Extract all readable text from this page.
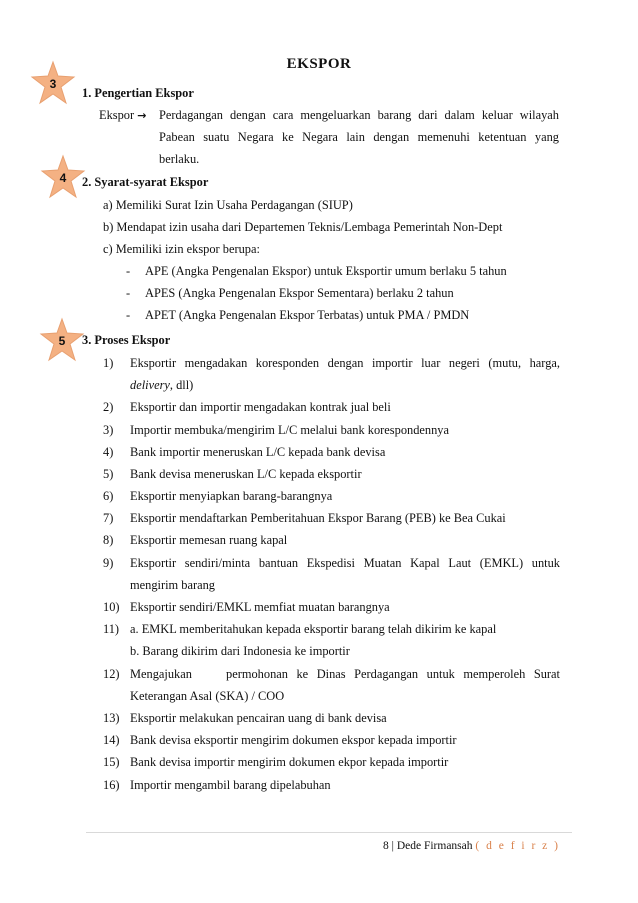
EKSPOR
3
4
5
1. Pengertian Ekspor
Ekspor → Perdagangan dengan cara mengeluarkan barang dari dalam keluar wilayah
Pabean suatu Negara ke Negara lain dengan memenuhi ketentuan yang
berlaku.
2. Syarat-syarat Ekspor
a) Memiliki Surat Izin Usaha Perdagangan (SIUP)
b) Mendapat izin usaha dari Departemen Teknis/Lembaga Pemerintah Non-Dept
c) Memiliki izin ekspor berupa:
- APE (Angka Pengenalan Ekspor) untuk Eksportir umum berlaku 5 tahun
- APES (Angka Pengenalan Ekspor Sementara) berlaku 2 tahun
- APET (Angka Pengenalan Ekspor Terbatas) untuk PMA / PMDN
3. Proses Ekspor
1)
2)
3)
4)
5)
6)
7)
8)
9)
10)
11)
12)
13)
14)
15)
16)
Eksportir mengadakan koresponden dengan importir luar negeri (mutu, harga,
delivery, dll)
Eksportir dan importir mengadakan kontrak jual beli
Importir membuka/mengirim L/C melalui bank korespondennya
Bank importir meneruskan L/C kepada bank devisa
Bank devisa meneruskan L/C kepada eksportir
Eksportir menyiapkan barang-barangnya
Eksportir mendaftarkan Pemberitahuan Ekspor Barang (PEB) ke Bea Cukai
Eksportir memesan ruang kapal
Eksportir sendiri/minta bantuan Ekspedisi Muatan Kapal Laut (EMKL) untuk
mengirim barang
Eksportir sendiri/EMKL memfiat muatan barangnya
a. EMKL memberitahukan kepada eksportir barang telah dikirim ke kapal
b. Barang dikirim dari Indonesia ke importir
Mengajukan    permohonan ke Dinas Perdagangan untuk memperoleh Surat
Keterangan Asal (SKA) / COO
Eksportir melakukan pencairan uang di bank devisa
Bank devisa eksportir mengirim dokumen ekspor kepada importir
Bank devisa importir mengirim dokumen ekpor kepada importir
Importir mengambil barang dipelabuhan
8 | Dede Firmansah ( d e f i r z )
